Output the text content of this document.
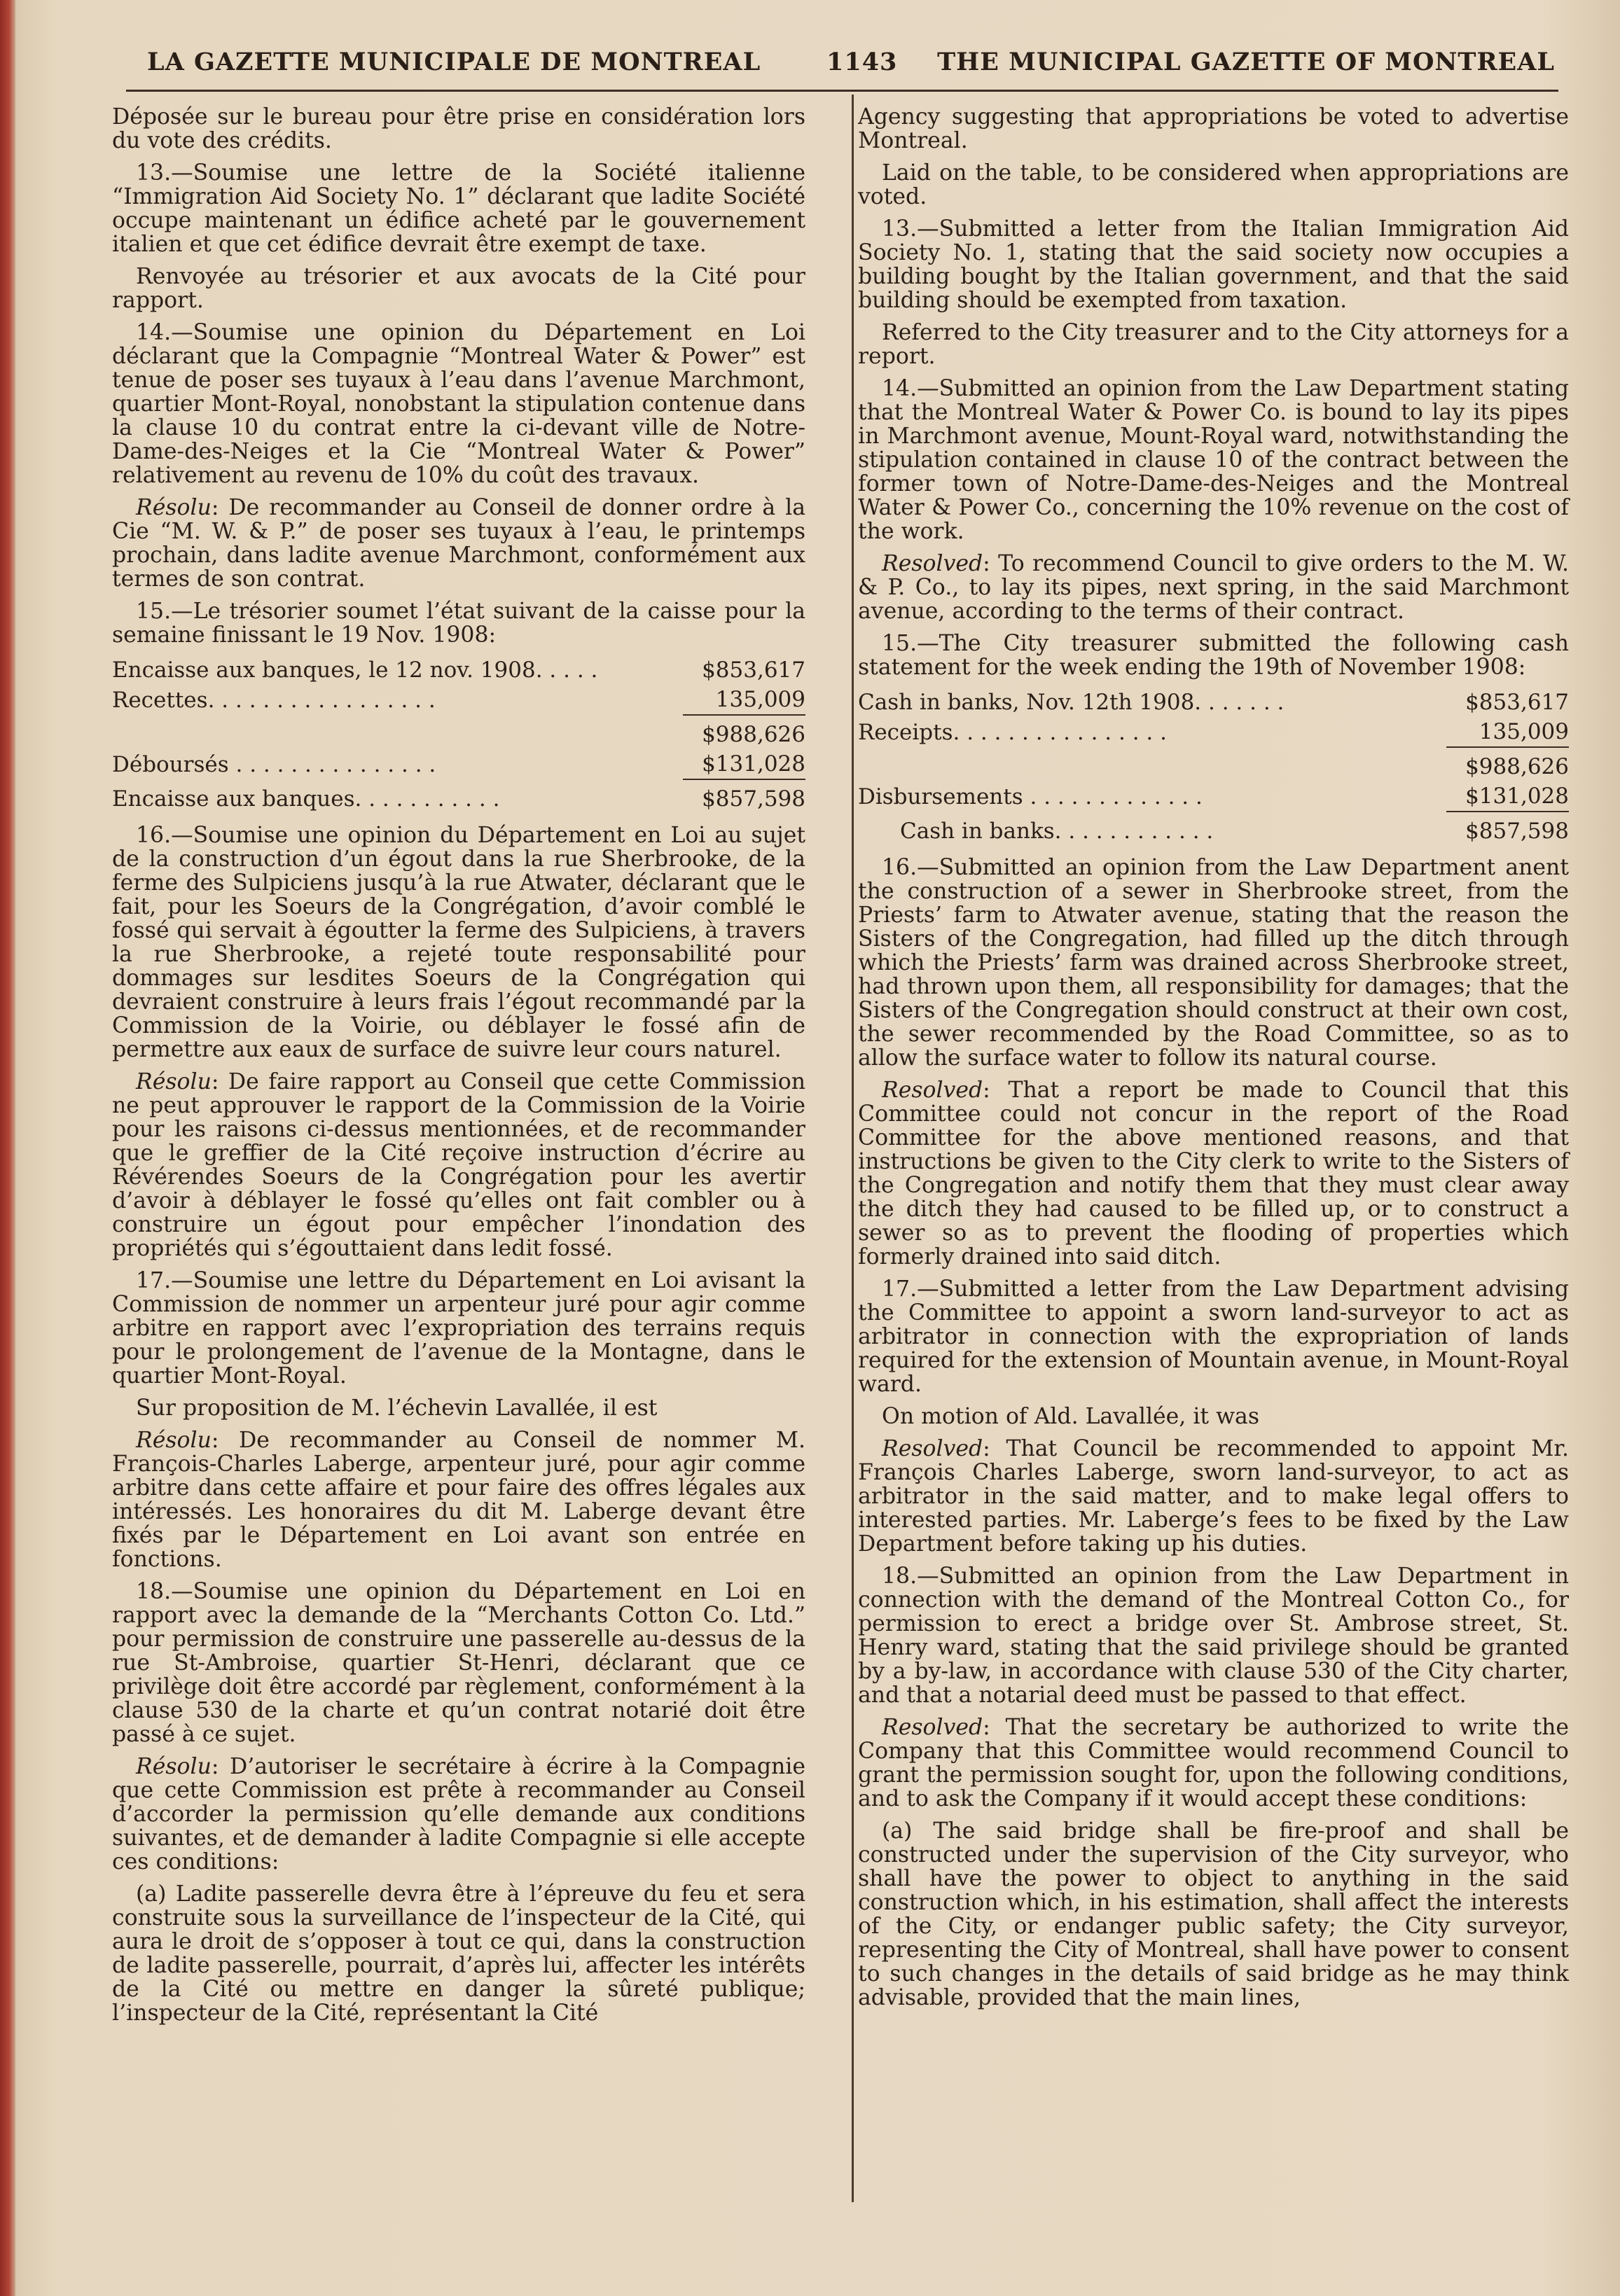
LA GAZETTE MUNICIPALE DE MONTREAL	1143 THE MUNICIPAL GAZETTE OF MONTREAL

Déposée sur le bureau pour être prise en considération lors du vote des crédits.

13.—Soumise une lettre de la Société italienne “Immigration Aid Society No. 1” déclarant que ladite Société occupe maintenant un édifice acheté par le gouvernement italien et que cet édifice devrait être exempt de taxe.

Renvoyée au trésorier et aux avocats de la Cité pour rapport.

14.—Soumise une opinion du Département en Loi déclarant que la Compagnie “Montreal Water & Power” est tenue de poser ses tuyaux à l’eau dans l’avenue Marchmont, quartier Mont-Royal, nonobstant la stipulation contenue dans la clause 10 du contrat entre la ci-devant ville de Notre-Dame-des-Neiges et la Cie “Montreal Water & Power” relativement au revenu de 10% du coût des travaux.

Résolu: De recommander au Conseil de donner ordre à la Cie “M. W. & P.” de poser ses tuyaux à l’eau, le printemps prochain, dans ladite avenue Marchmont, conformément aux termes de son contrat.

15.—Le trésorier soumet l’état suivant de la caisse pour la semaine finissant le 19 Nov. 1908:

Encaisse aux banques, le 12 nov. 1908. . . . .	$853,617
Recettes. . . . . . . . . . . . . . . . .	135,009
	$988,626
Déboursés . . . . . . . . . . . . . . .	$131,028
Encaisse aux banques. . . . . . . . . . .	$857,598

16.—Soumise une opinion du Département en Loi au sujet de la construction d’un égout dans la rue Sherbrooke, de la ferme des Sulpiciens jusqu’à la rue Atwater, déclarant que le fait, pour les Soeurs de la Congrégation, d’avoir comblé le fossé qui servait à égoutter la ferme des Sulpiciens, à travers la rue Sherbrooke, a rejeté toute responsabilité pour dommages sur lesdites Soeurs de la Congrégation qui devraient construire à leurs frais l’égout recommandé par la Commission de la Voirie, ou déblayer le fossé afin de permettre aux eaux de surface de suivre leur cours naturel.

Résolu: De faire rapport au Conseil que cette Commission ne peut approuver le rapport de la Commission de la Voirie pour les raisons ci-dessus mentionnées, et de recommander que le greffier de la Cité reçoive instruction d’écrire au Révérendes Soeurs de la Congrégation pour les avertir d’avoir à déblayer le fossé qu’elles ont fait combler ou à construire un égout pour empêcher l’inondation des propriétés qui s’égouttaient dans ledit fossé.

17.—Soumise une lettre du Département en Loi avisant la Commission de nommer un arpenteur juré pour agir comme arbitre en rapport avec l’expropriation des terrains requis pour le prolongement de l’avenue de la Montagne, dans le quartier Mont-Royal.

Sur proposition de M. l’échevin Lavallée, il est

Résolu: De recommander au Conseil de nommer M. François-Charles Laberge, arpenteur juré, pour agir comme arbitre dans cette affaire et pour faire des offres légales aux intéressés. Les honoraires du dit M. Laberge devant être fixés par le Département en Loi avant son entrée en fonctions.

18.—Soumise une opinion du Département en Loi en rapport avec la demande de la “Merchants Cotton Co. Ltd.” pour permission de construire une passerelle au-dessus de la rue St-Ambroise, quartier St-Henri, déclarant que ce privilège doit être accordé par règlement, conformément à la clause 530 de la charte et qu’un contrat notarié doit être passé à ce sujet.

Résolu: D’autoriser le secrétaire à écrire à la Compagnie que cette Commission est prête à recommander au Conseil d’accorder la permission qu’elle demande aux conditions suivantes, et de demander à ladite Compagnie si elle accepte ces conditions:

(a) Ladite passerelle devra être à l’épreuve du feu et sera construite sous la surveillance de l’inspecteur de la Cité, qui aura le droit de s’opposer à tout ce qui, dans la construction de ladite passerelle, pourrait, d’après lui, affecter les intérêts de la Cité ou mettre en danger la sûreté publique; l’inspecteur de la Cité, représentant la Cité

Agency suggesting that appropriations be voted to advertise Montreal.

Laid on the table, to be considered when appropriations are voted.

13.—Submitted a letter from the Italian Immigration Aid Society No. 1, stating that the said society now occupies a building bought by the Italian government, and that the said building should be exempted from taxation.

Referred to the City treasurer and to the City attorneys for a report.

14.—Submitted an opinion from the Law Department stating that the Montreal Water & Power Co. is bound to lay its pipes in Marchmont avenue, Mount-Royal ward, notwithstanding the stipulation contained in clause 10 of the contract between the former town of Notre-Dame-des-Neiges and the Montreal Water & Power Co., concerning the 10% revenue on the cost of the work.

Resolved: To recommend Council to give orders to the M. W. & P. Co., to lay its pipes, next spring, in the said Marchmont avenue, according to the terms of their contract.

15.—The City treasurer submitted the following cash statement for the week ending the 19th of November 1908:

Cash in banks, Nov. 12th 1908. . . . . . .	$853,617
Receipts. . . . . . . . . . . . . . . .	135,009
	$988,626
Disbursements . . . . . . . . . . . . .	$131,028
Cash in banks. . . . . . . . . . . .	$857,598

16.—Submitted an opinion from the Law Department anent the construction of a sewer in Sherbrooke street, from the Priests’ farm to Atwater avenue, stating that the reason the Sisters of the Congregation, had filled up the ditch through which the Priests’ farm was drained across Sherbrooke street, had thrown upon them, all responsibility for damages; that the Sisters of the Congregation should construct at their own cost, the sewer recommended by the Road Committee, so as to allow the surface water to follow its natural course.

Resolved: That a report be made to Council that this Committee could not concur in the report of the Road Committee for the above mentioned reasons, and that instructions be given to the City clerk to write to the Sisters of the Congregation and notify them that they must clear away the ditch they had caused to be filled up, or to construct a sewer so as to prevent the flooding of properties which formerly drained into said ditch.

17.—Submitted a letter from the Law Department advising the Committee to appoint a sworn land-surveyor to act as arbitrator in connection with the expropriation of lands required for the extension of Mountain avenue, in Mount-Royal ward.

On motion of Ald. Lavallée, it was

Resolved: That Council be recommended to appoint Mr. François Charles Laberge, sworn land-surveyor, to act as arbitrator in the said matter, and to make legal offers to interested parties. Mr. Laberge’s fees to be fixed by the Law Department before taking up his duties.

18.—Submitted an opinion from the Law Department in connection with the demand of the Montreal Cotton Co., for permission to erect a bridge over St. Ambrose street, St. Henry ward, stating that the said privilege should be granted by a by-law, in accordance with clause 530 of the City charter, and that a notarial deed must be passed to that effect.

Resolved: That the secretary be authorized to write the Company that this Committee would recommend Council to grant the permission sought for, upon the following conditions, and to ask the Company if it would accept these conditions:

(a) The said bridge shall be fire-proof and shall be constructed under the supervision of the City surveyor, who shall have the power to object to anything in the said construction which, in his estimation, shall affect the interests of the City, or endanger public safety; the City surveyor, representing the City of Montreal, shall have power to consent to such changes in the details of said bridge as he may think advisable, provided that the main lines,
